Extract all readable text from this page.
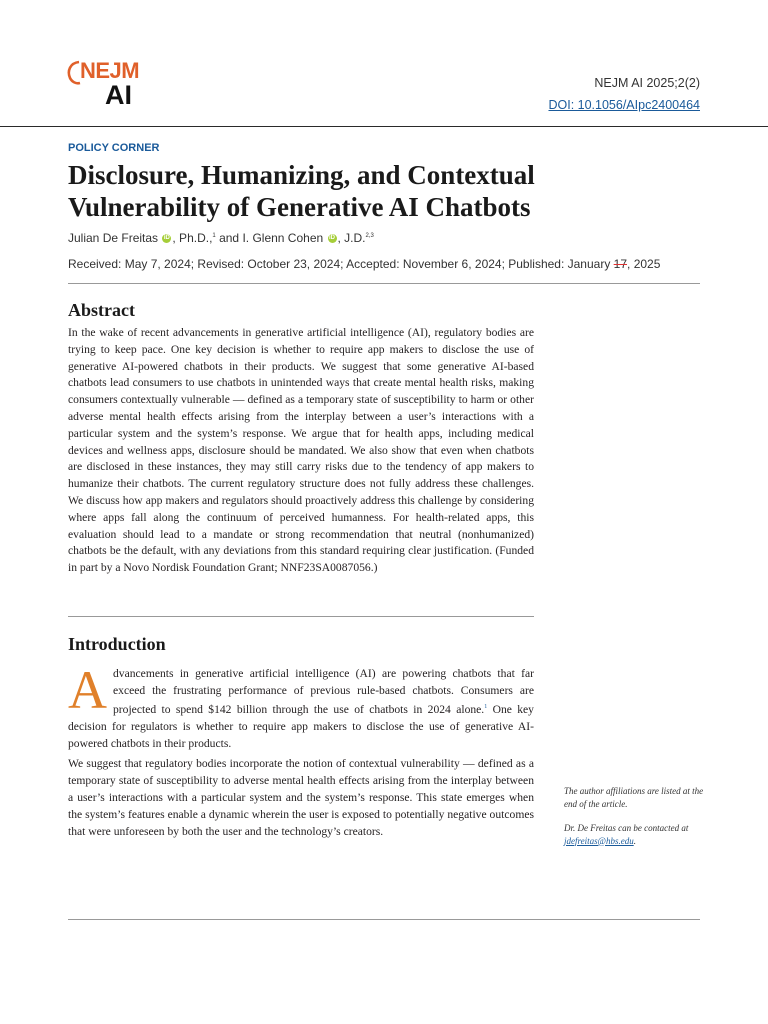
NEJM
AI	NEJM AI 2025;2(2)
DOI: 10.1056/AIpc2400464
POLICY CORNER
Disclosure, Humanizing, and Contextual Vulnerability of Generative AI Chatbots
Julian De Freitas iD , Ph.D.,$^1$ and I. Glenn Cohen iD , J.D.$^{2,3}$
Received: May 7, 2024; Revised: October 23, 2024; Accepted: November 6, 2024; Published: January 17, 2025
Abstract

In the wake of recent advancements in generative artificial intelligence (AI), regulatory bodies are trying to keep pace. One key decision is whether to require app makers to disclose the use of generative AI-powered chatbots in their products. We suggest that some generative AI-based chatbots lead consumers to use chatbots in unintended ways that create mental health risks, making consumers contextually vulnerable — defined as a temporary state of susceptibility to harm or other adverse mental health effects arising from the interplay between a user’s interactions with a particular system and the system’s response. We argue that for health apps, including medical devices and wellness apps, disclosure should be mandated. We also show that even when chatbots are disclosed in these instances, they may still carry risks due to the tendency of app makers to humanize their chatbots. The current regulatory structure does not fully address these challenges. We discuss how app makers and regulators should proactively address this challenge by considering where apps fall along the continuum of perceived humanness. For health-related apps, this evaluation should lead to a mandate or strong recommendation that neutral (nonhumanized) chatbots be the default, with any deviations from this standard requiring clear justification. (Funded in part by a Novo Nordisk Foundation Grant; NNF23SA0087056.)

Introduction

Advancements in generative artificial intelligence (AI) are powering chatbots that far exceed the frustrating performance of previous rule-based chatbots. Consumers are projected to spend $142 billion through the use of chatbots in 2024 alone.$^1$ One key decision for regulators is whether to require app makers to disclose the use of generative AI-powered chatbots in their products.

We suggest that regulatory bodies incorporate the notion of contextual vulnerability — defined as a temporary state of susceptibility to adverse mental health effects arising from the interplay between a user’s interactions with a particular system and the system’s response. This state emerges when the system’s features enable a dynamic wherein the user is exposed to potentially negative outcomes that were unforeseen by both the user and the technology’s creators.

The author affiliations are listed at the end of the article.

Dr. De Freitas can be contacted at jdefreitas@hbs.edu.
